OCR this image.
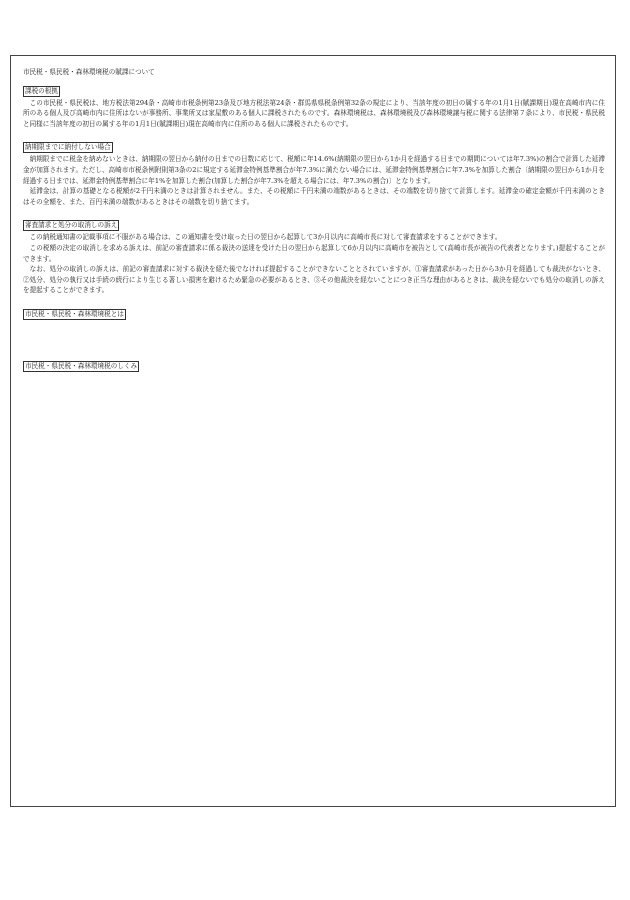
市民税・県民税・森林環境税の賦課について
課税の根拠

この市民税・県民税は、地方税法第294条・高崎市市税条例第23条及び地方税法第24条・群馬県県税条例第32条の規定により、当該年度の初日の属する年の1月1日(賦課期日)現在高崎市内に住所のある個人及び高崎市内に住所はないが事務所、事業所又は家屋敷のある個人に課税されたものです。森林環境税は、森林環境税及び森林環境譲与税に関する法律第７条により、市民税・県民税と同様に当該年度の初日の属する年の1月1日(賦課期日)現在高崎市内に住所のある個人に課税されたものです。

納期限までに納付しない場合

納期限までに税金を納めないときは、納期限の翌日から納付の日までの日数に応じて、税額に年14.6%(納期限の翌日から1か月を経過する日までの期間については年7.3%)の割合で計算した延滞金が加算されます。ただし、高崎市市税条例附則第3条の2に規定する延滞金特例基準割合が年7.3%に満たない場合には、延滞金特例基準割合に年7.3%を加算した割合〔納期限の翌日から1か月を経過する日までは、延滞金特例基準割合に年1%を加算した割合(加算した割合が年7.3%を超える場合には、年7.3%の割合)〕となります。

延滞金は、計算の基礎となる税額が2千円未満のときは計算されません。また、その税額に千円未満の端数があるときは、その端数を切り捨てて計算します。延滞金の確定金額が千円未満のときはその全額を、また、百円未満の端数があるときはその端数を切り捨てます。

審査請求と処分の取消しの訴え

この納税通知書の記載事項に不服がある場合は、この通知書を受け取った日の翌日から起算して3か月以内に高崎市長に対して審査請求をすることができます。

この税額の決定の取消しを求める訴えは、前記の審査請求に係る裁決の送達を受けた日の翌日から起算して6か月以内に高崎市を被告として(高崎市長が被告の代表者となります。)提起することができます。

なお、処分の取消しの訴えは、前記の審査請求に対する裁決を経た後でなければ提起することができないこととされていますが、①審査請求があった日から3か月を経過しても裁決がないとき、②処分、処分の執行又は手続の続行により生じる著しい損害を避けるため緊急の必要があるとき、③その他裁決を経ないことにつき正当な理由があるときは、裁決を経ないでも処分の取消しの訴えを提起することができます。

市民税・県民税・森林環境税とは
市民税・県民税・森林環境税のしくみ
